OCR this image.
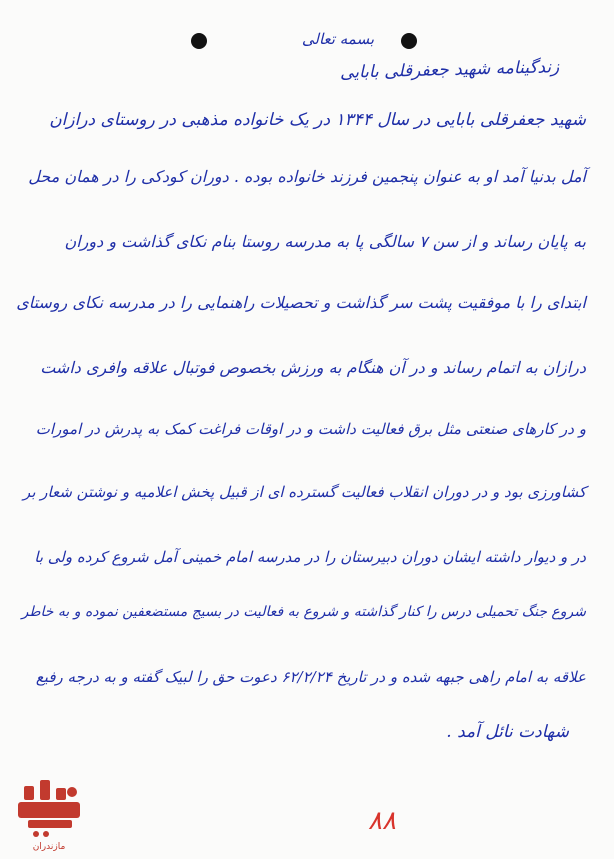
بسمه تعالی
زندگینامه شهید جعفرقلی بابایی
شهید جعفرقلی بابایی در سال ۱۳۴۴ در یک خانواده مذهبی در روستای درازان
آمل بدنیا آمد او به عنوان پنجمین فرزند خانواده بوده . دوران کودکی را در همان محل
به پایان رساند و از سن ۷ سالگی پا به مدرسه روستا بنام نکای گذاشت و دوران
ابتدای را با موفقیت پشت سر گذاشت و تحصیلات راهنمایی را در مدرسه نکای روستای
درازان به اتمام رساند و در آن هنگام به ورزش بخصوص فوتبال علاقه وافری داشت
و در کارهای صنعتی مثل برق فعالیت داشت و در اوقات فراغت کمک به پدرش در امورات
کشاورزی بود و در دوران انقلاب فعالیت گسترده ای از قبیل پخش اعلامیه و نوشتن شعار بر
در و دیوار داشته ایشان دوران دبیرستان را در مدرسه امام خمینی آمل شروع کرده ولی با
شروع جنگ تحمیلی درس را کنار گذاشته و شروع به فعالیت در بسیج مستضعفین نموده و به خاطر
علاقه به امام راهی جبهه شده و در تاریخ ۶۲/۲/۲۴ دعوت حق را لبیک گفته و به درجه رفیع
شهادت نائل آمد .
۸۸
مازندران
